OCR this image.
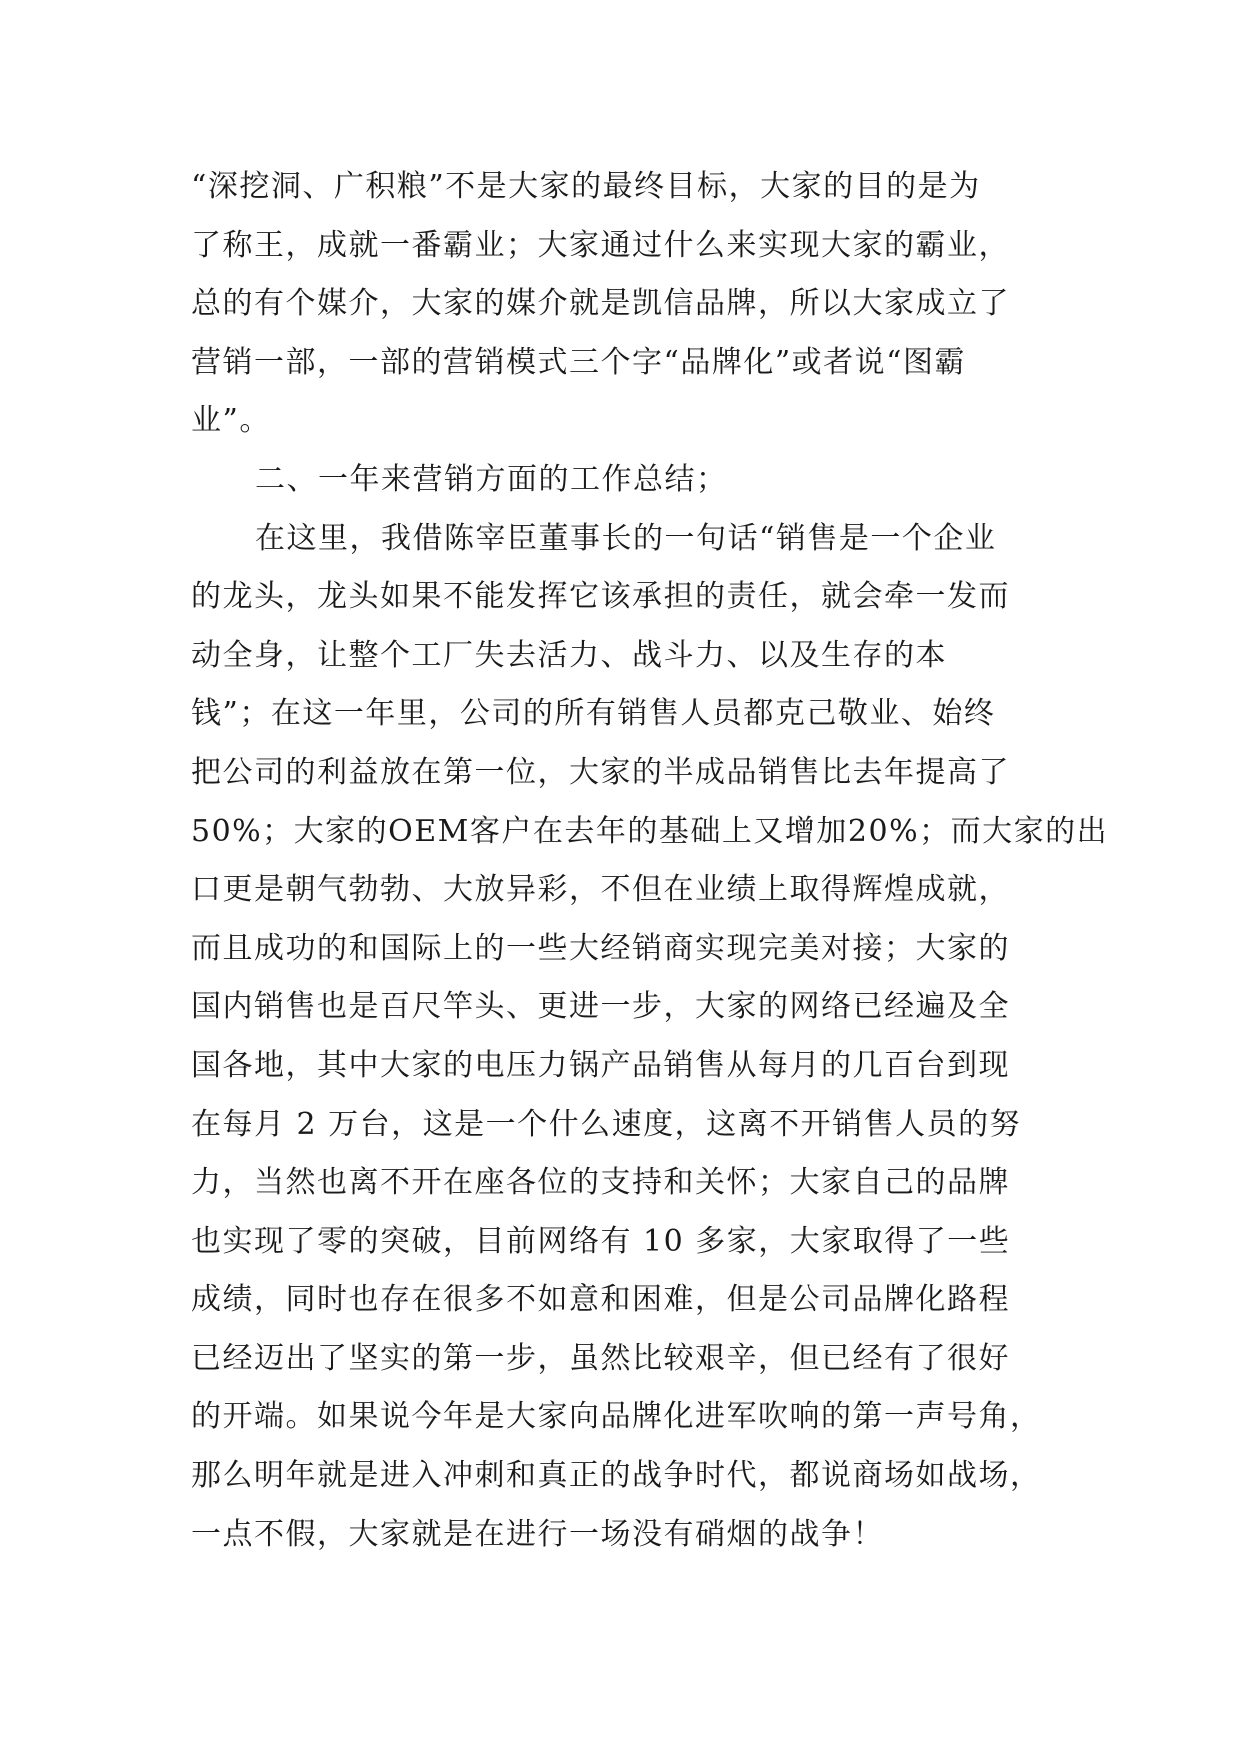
“深挖洞、广积粮”不是大家的最终目标，大家的目的是为
了称王，成就一番霸业；大家通过什么来实现大家的霸业，
总的有个媒介，大家的媒介就是凯信品牌，所以大家成立了
营销一部，一部的营销模式三个字“品牌化”或者说“图霸
业”。
二、一年来营销方面的工作总结；
在这里，我借陈宰臣董事长的一句话“销售是一个企业
的龙头，龙头如果不能发挥它该承担的责任，就会牵一发而
动全身，让整个工厂失去活力、战斗力、以及生存的本
钱”；在这一年里，公司的所有销售人员都克己敬业、始终
把公司的利益放在第一位，大家的半成品销售比去年提高了
50%；大家的OEM客户在去年的基础上又增加20%；而大家的出
口更是朝气勃勃、大放异彩，不但在业绩上取得辉煌成就，
而且成功的和国际上的一些大经销商实现完美对接；大家的
国内销售也是百尺竿头、更进一步，大家的网络已经遍及全
国各地，其中大家的电压力锅产品销售从每月的几百台到现
在每月 2 万台，这是一个什么速度，这离不开销售人员的努
力，当然也离不开在座各位的支持和关怀；大家自己的品牌
也实现了零的突破，目前网络有 10 多家，大家取得了一些
成绩，同时也存在很多不如意和困难，但是公司品牌化路程
已经迈出了坚实的第一步，虽然比较艰辛，但已经有了很好
的开端。如果说今年是大家向品牌化进军吹响的第一声号角，
那么明年就是进入冲刺和真正的战争时代，都说商场如战场，
一点不假，大家就是在进行一场没有硝烟的战争！
